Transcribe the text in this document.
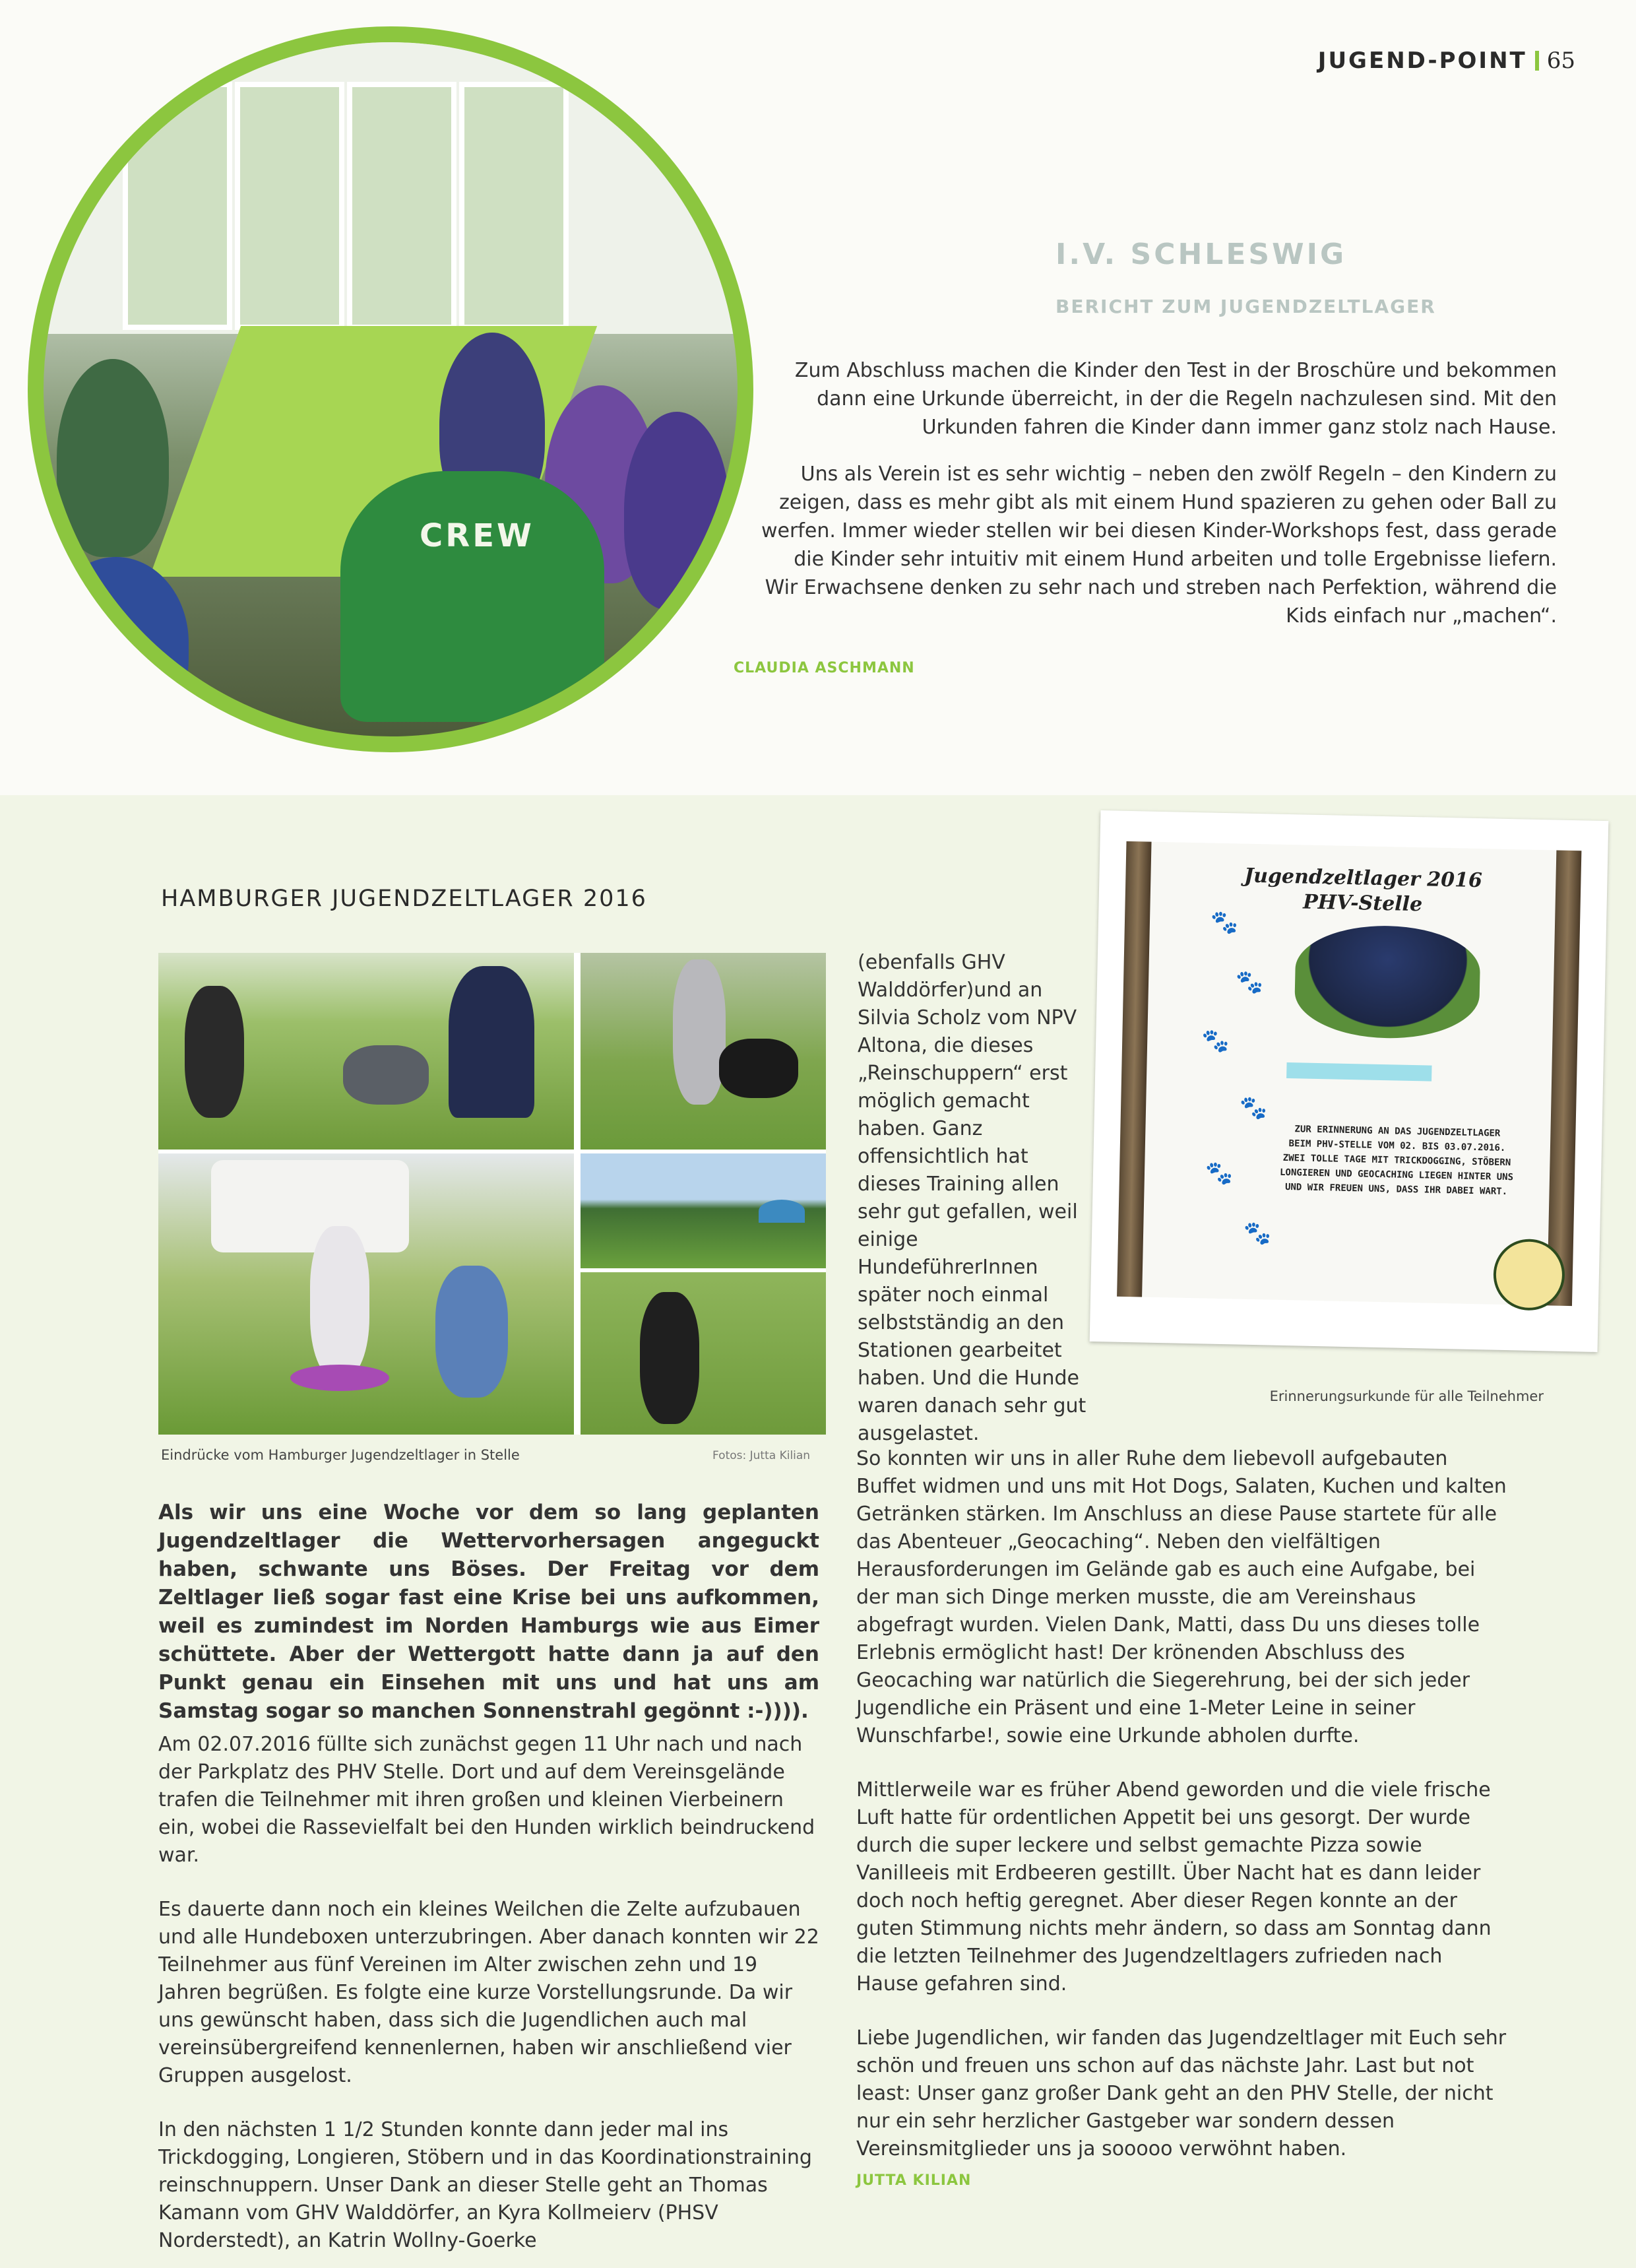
I.V. SCHLESWIG
BERICHT ZUM JUGENDZELTLAGER
JUGEND-POINT 65
CREW

Zum Abschluss machen die Kinder den Test in der Broschüre und bekommen dann eine Urkunde überreicht, in der die Regeln nachzulesen sind. Mit den Urkunden fahren die Kinder dann immer ganz stolz nach Hause.

Uns als Verein ist es sehr wichtig – neben den zwölf Regeln – den Kindern zu zeigen, dass es mehr gibt als mit einem Hund spazieren zu gehen oder Ball zu werfen. Immer wieder stellen wir bei diesen Kinder-Workshops fest, dass gerade die Kinder sehr intuitiv mit einem Hund arbeiten und tolle Ergebnisse liefern. Wir Erwachsene denken zu sehr nach und streben nach Perfektion, während die Kids einfach nur „machen“.

CLAUDIA ASCHMANN
Jugendzeltlager 2016
PHV-Stelle
🐾
🐾
🐾
🐾
🐾
🐾
ZUR ERINNERUNG AN DAS JUGENDZELTLAGER
BEIM PHV-STELLE VOM 02. BIS 03.07.2016.
ZWEI TOLLE TAGE MIT TRICKDOGGING, STÖBERN
LONGIEREN UND GEOCACHING LIEGEN HINTER UNS
UND WIR FREUEN UNS, DASS IHR DABEI WART.
Erinnerungsurkunde für alle Teilnehmer
HAMBURGER JUGENDZELTLAGER 2016
Eindrücke vom Hamburger Jugendzeltlager in Stelle	Fotos: Jutta Kilian
(ebenfalls GHV Walddörfer)und an Silvia Scholz vom NPV Altona, die dieses „Reinschuppern“ erst möglich gemacht haben. Ganz offensichtlich hat dieses Training allen sehr gut gefallen, weil einige HundeführerInnen später noch einmal selbstständig an den Stationen gearbeitet haben. Und die Hunde waren danach sehr gut ausgelastet.
Als wir uns eine Woche vor dem so lang geplanten Jugendzeltlager die Wettervorhersagen angeguckt haben, schwante uns Böses. Der Freitag vor dem Zeltlager ließ sogar fast eine Krise bei uns aufkommen, weil es zumindest im Norden Hamburgs wie aus Eimer schüttete. Aber der Wettergott hatte dann ja auf den Punkt genau ein Einsehen mit uns und hat uns am Samstag sogar so manchen Sonnenstrahl gegönnt :-)))).

Am 02.07.2016 füllte sich zunächst gegen 11 Uhr nach und nach der Parkplatz des PHV Stelle. Dort und auf dem Vereinsgelände trafen die Teilnehmer mit ihren großen und kleinen Vierbeinern ein, wobei die Rassevielfalt bei den Hunden wirklich beindruckend war.

Es dauerte dann noch ein kleines Weilchen die Zelte aufzubauen und alle Hundeboxen unterzubringen. Aber danach konnten wir 22 Teilnehmer aus fünf Vereinen im Alter zwischen zehn und 19 Jahren begrüßen. Es folgte eine kurze Vorstellungsrunde. Da wir uns gewünscht haben, dass sich die Jugendlichen auch mal vereinsübergreifend kennenlernen, haben wir anschließend vier Gruppen ausgelost.

In den nächsten 1 1/2 Stunden konnte dann jeder mal ins Trickdogging, Longieren, Stöbern und in das Koordinationstraining reinschnuppern. Unser Dank an dieser Stelle geht an Thomas Kamann vom GHV Walddörfer, an Kyra Kollmeierv (PHSV Norderstedt), an Katrin Wollny-Goerke

So konnten wir uns in aller Ruhe dem liebevoll aufgebauten Buffet widmen und uns mit Hot Dogs, Salaten, Kuchen und kalten Getränken stärken. Im Anschluss an diese Pause startete für alle das Abenteuer „Geocaching“. Neben den vielfältigen Herausforderungen im Gelände gab es auch eine Aufgabe, bei der man sich Dinge merken musste, die am Vereinshaus abgefragt wurden. Vielen Dank, Matti, dass Du uns dieses tolle Erlebnis ermöglicht hast! Der krönenden Abschluss des Geocaching war natürlich die Siegerehrung, bei der sich jeder Jugendliche ein Präsent und eine 1-Meter Leine in seiner Wunschfarbe!, sowie eine Urkunde abholen durfte.

Mittlerweile war es früher Abend geworden und die viele frische Luft hatte für ordentlichen Appetit bei uns gesorgt. Der wurde durch die super leckere und selbst gemachte Pizza sowie Vanilleeis mit Erdbeeren gestillt. Über Nacht hat es dann leider doch noch heftig geregnet. Aber dieser Regen konnte an der guten Stimmung nichts mehr ändern, so dass am Sonntag dann die letzten Teilnehmer des Jugendzeltlagers zufrieden nach Hause gefahren sind.

Liebe Jugendlichen, wir fanden das Jugendzeltlager mit Euch sehr schön und freuen uns schon auf das nächste Jahr. Last but not least: Unser ganz großer Dank geht an den PHV Stelle, der nicht nur ein sehr herzlicher Gastgeber war sondern dessen Vereinsmitglieder uns ja sooooo verwöhnt haben.

JUTTA KILIAN
